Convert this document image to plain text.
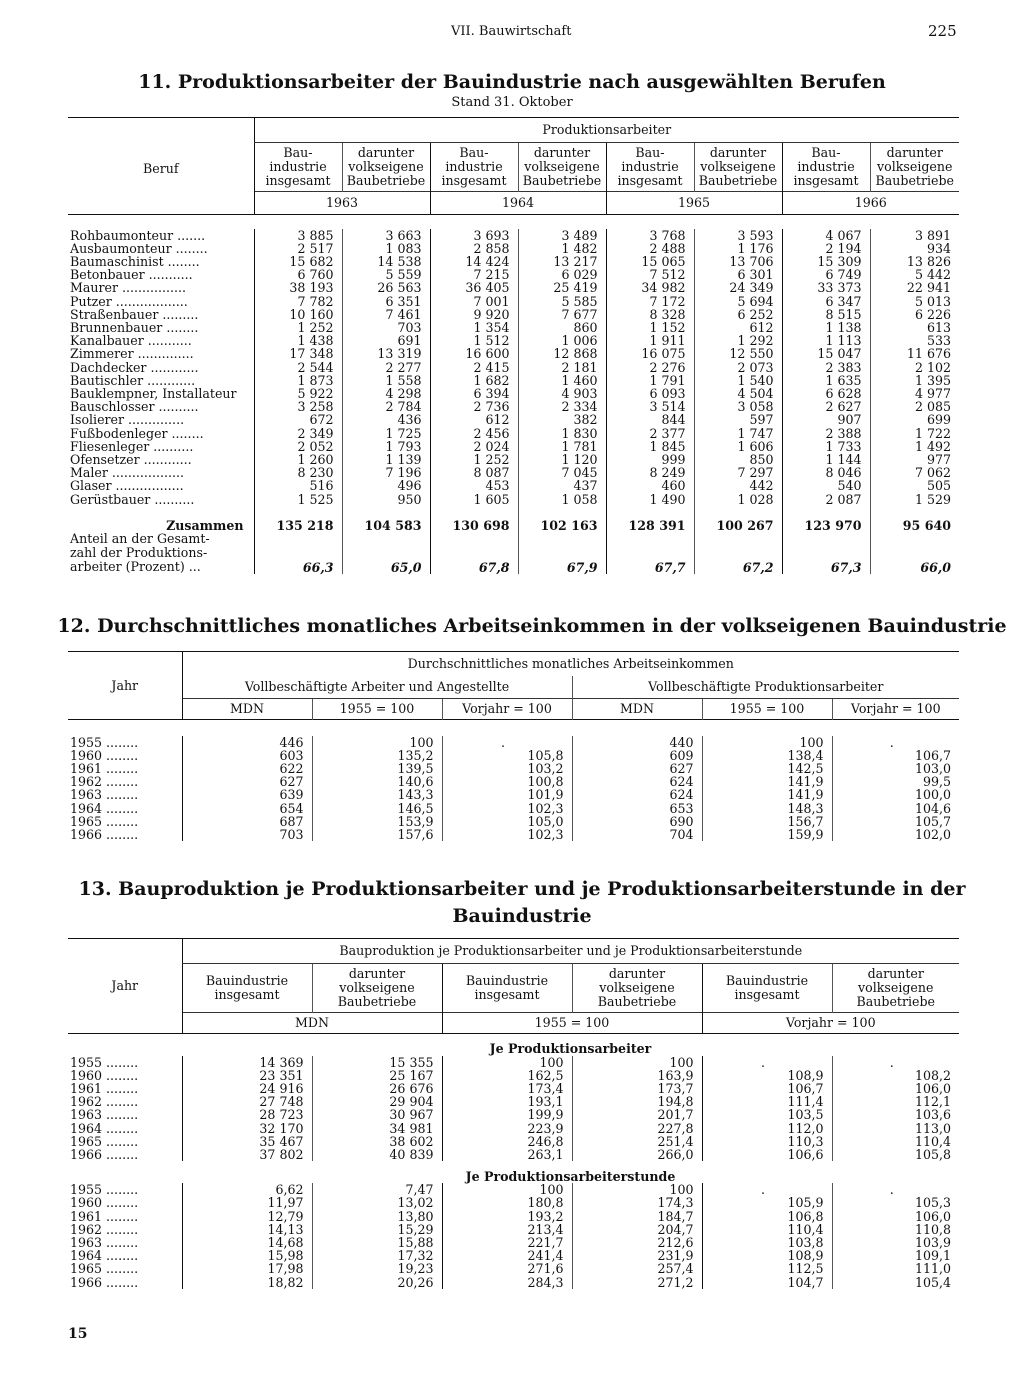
VII. Bauwirtschaft	225
11. Produktionsarbeiter der Bauindustrie nach ausgewählten Berufen
Stand 31. Oktober
Beruf	Produktionsarbeiter							
	Bau-
industrie
insgesamt	darunter
volkseigene
Baubetriebe	Bau-
industrie
insgesamt	darunter
volkseigene
Baubetriebe	Bau-
industrie
insgesamt	darunter
volkseigene
Baubetriebe	Bau-
industrie
insgesamt	darunter
volkseigene
Baubetriebe
	1963		1964		1965		1966	

Rohbaumonteur .......	3 885	3 663	3 693	3 489	3 768	3 593	4 067	3 891
Ausbaumonteur ........	2 517	1 083	2 858	1 482	2 488	1 176	2 194	934
Baumaschinist ........	15 682	14 538	14 424	13 217	15 065	13 706	15 309	13 826
Betonbauer ...........	6 760	5 559	7 215	6 029	7 512	6 301	6 749	5 442
Maurer ................	38 193	26 563	36 405	25 419	34 982	24 349	33 373	22 941
Putzer ..................	7 782	6 351	7 001	5 585	7 172	5 694	6 347	5 013
Straßenbauer .........	10 160	7 461	9 920	7 677	8 328	6 252	8 515	6 226
Brunnenbauer ........	1 252	703	1 354	860	1 152	612	1 138	613
Kanalbauer ...........	1 438	691	1 512	1 006	1 911	1 292	1 113	533
Zimmerer ..............	17 348	13 319	16 600	12 868	16 075	12 550	15 047	11 676
Dachdecker ............	2 544	2 277	2 415	2 181	2 276	2 073	2 383	2 102
Bautischler ............	1 873	1 558	1 682	1 460	1 791	1 540	1 635	1 395
Bauklempner, Installateur	5 922	4 298	6 394	4 903	6 093	4 504	6 628	4 977
Bauschlosser ..........	3 258	2 784	2 736	2 334	3 514	3 058	2 627	2 085
Isolierer ..............	672	436	612	382	844	597	907	699
Fußbodenleger ........	2 349	1 725	2 456	1 830	2 377	1 747	2 388	1 722
Fliesenleger ..........	2 052	1 793	2 024	1 781	1 845	1 606	1 733	1 492
Ofensetzer ............	1 260	1 139	1 252	1 120	999	850	1 144	977
Maler ..................	8 230	7 196	8 087	7 045	8 249	7 297	8 046	7 062
Glaser .................	516	496	453	437	460	442	540	505
Gerüstbauer ..........	1 525	950	1 605	1 058	1 490	1 028	2 087	1 529
Zusammen	135 218	104 583	130 698	102 163	128 391	100 267	123 970	95 640
Anteil an der Gesamt-
zahl der Produktions-
arbeiter (Prozent) ...	66,3	65,0	67,8	67,9	67,7	67,2	67,3	66,0
12. Durchschnittliches monatliches Arbeitseinkommen in der volkseigenen Bauindustrie
Jahr	Durchschnittliches monatliches Arbeitseinkommen					
	Vollbeschäftigte Arbeiter und Angestellte			Vollbeschäftigte Produktionsarbeiter		
	MDN	1955 = 100	Vorjahr = 100	MDN	1955 = 100	Vorjahr = 100

1955 ........	446	100	.	440	100	.
1960 ........	603	135,2	105,8	609	138,4	106,7
1961 ........	622	139,5	103,2	627	142,5	103,0
1962 ........	627	140,6	100,8	624	141,9	99,5
1963 ........	639	143,3	101,9	624	141,9	100,0
1964 ........	654	146,5	102,3	653	148,3	104,6
1965 ........	687	153,9	105,0	690	156,7	105,7
1966 ........	703	157,6	102,3	704	159,9	102,0
13. Bauproduktion je Produktionsarbeiter und je Produktionsarbeiterstunde in der Bauindustrie
Jahr	Bauproduktion je Produktionsarbeiter und je Produktionsarbeiterstunde					
	Bauindustrie
insgesamt	darunter
volkseigene
Baubetriebe	Bauindustrie
insgesamt	darunter
volkseigene
Baubetriebe	Bauindustrie
insgesamt	darunter
volkseigene
Baubetriebe
	MDN		1955 = 100		Vorjahr = 100	
	Je Produktionsarbeiter					
1955 ........	14 369	15 355	100	100	.	.
1960 ........	23 351	25 167	162,5	163,9	108,9	108,2
1961 ........	24 916	26 676	173,4	173,7	106,7	106,0
1962 ........	27 748	29 904	193,1	194,8	111,4	112,1
1963 ........	28 723	30 967	199,9	201,7	103,5	103,6
1964 ........	32 170	34 981	223,9	227,8	112,0	113,0
1965 ........	35 467	38 602	246,8	251,4	110,3	110,4
1966 ........	37 802	40 839	263,1	266,0	106,6	105,8
	Je Produktionsarbeiterstunde					
1955 ........	6,62	7,47	100	100	.	.
1960 ........	11,97	13,02	180,8	174,3	105,9	105,3
1961 ........	12,79	13,80	193,2	184,7	106,8	106,0
1962 ........	14,13	15,29	213,4	204,7	110,4	110,8
1963 ........	14,68	15,88	221,7	212,6	103,8	103,9
1964 ........	15,98	17,32	241,4	231,9	108,9	109,1
1965 ........	17,98	19,23	271,6	257,4	112,5	111,0
1966 ........	18,82	20,26	284,3	271,2	104,7	105,4
15
